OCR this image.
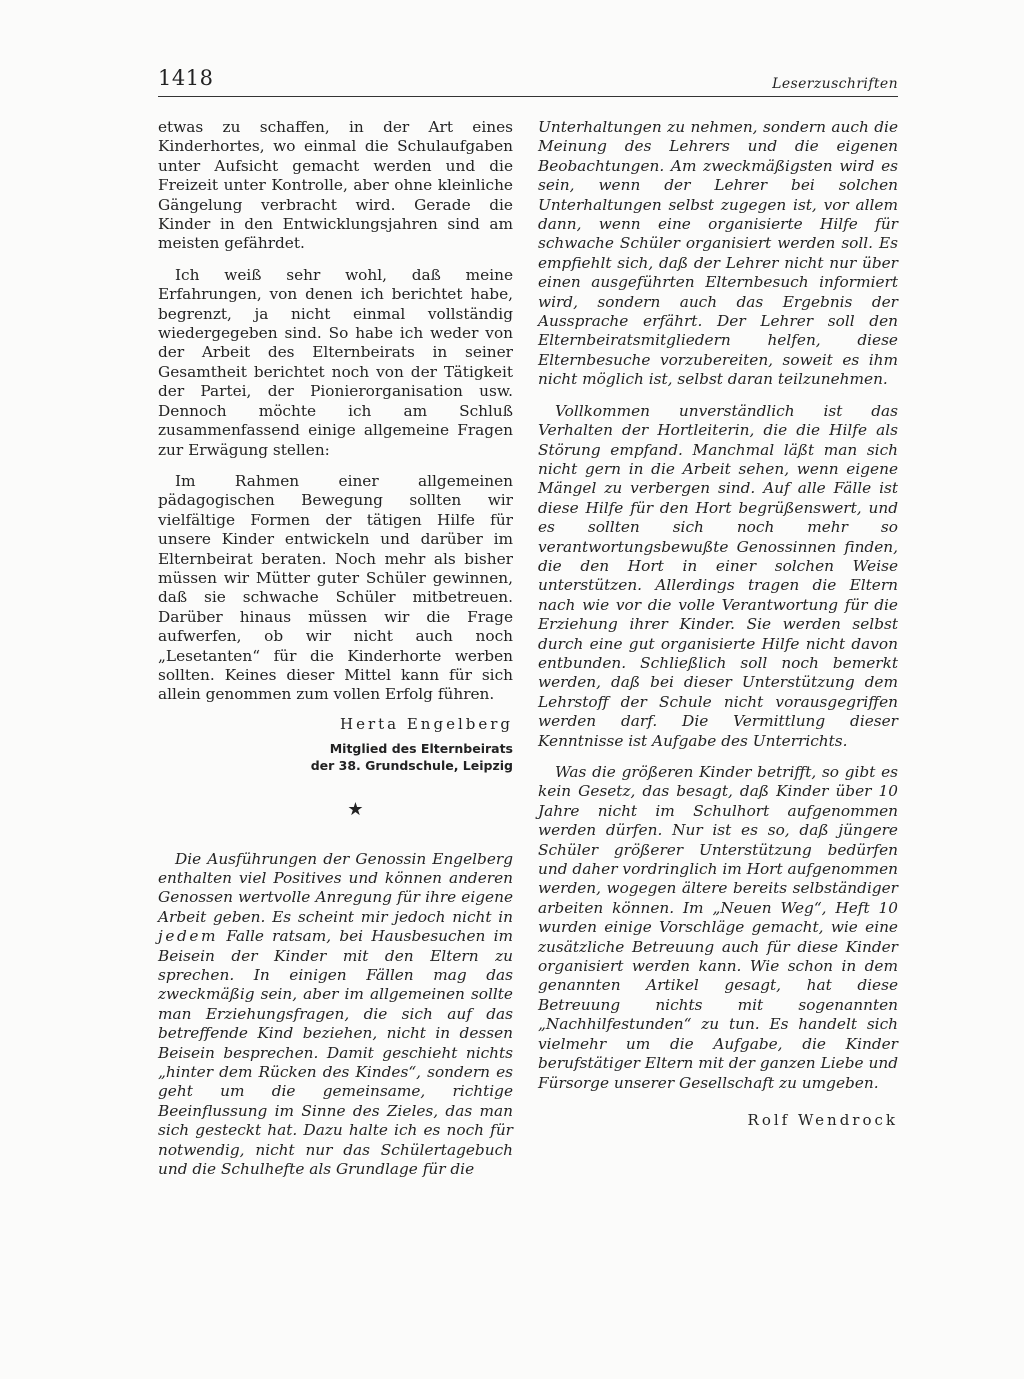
1418	Leserzuschriften

etwas zu schaffen, in der Art eines Kinderhortes, wo einmal die Schulaufgaben unter Aufsicht gemacht werden und die Freizeit unter Kontrolle, aber ohne kleinliche Gängelung verbracht wird. Gerade die Kinder in den Entwicklungsjahren sind am meisten gefährdet.

Ich weiß sehr wohl, daß meine Erfahrungen, von denen ich berichtet habe, begrenzt, ja nicht einmal vollständig wiedergegeben sind. So habe ich weder von der Arbeit des Elternbeirats in seiner Gesamtheit berichtet noch von der Tätigkeit der Partei, der Pionierorganisation usw. Dennoch möchte ich am Schluß zusammenfassend einige allgemeine Fragen zur Erwägung stellen:

Im Rahmen einer allgemeinen pädagogischen Bewegung sollten wir vielfältige Formen der tätigen Hilfe für unsere Kinder entwickeln und darüber im Elternbeirat beraten. Noch mehr als bisher müssen wir Mütter guter Schüler gewinnen, daß sie schwache Schüler mitbetreuen. Darüber hinaus müssen wir die Frage aufwerfen, ob wir nicht auch noch „Lesetanten“ für die Kinderhorte werben sollten. Keines dieser Mittel kann für sich allein genommen zum vollen Erfolg führen.

Herta Engelberg
Mitglied des Elternbeirats
der 38. Grundschule, Leipzig
★

Die Ausführungen der Genossin Engelberg enthalten viel Positives und können anderen Genossen wertvolle Anregung für ihre eigene Arbeit geben. Es scheint mir jedoch nicht in jedem Falle ratsam, bei Hausbesuchen im Beisein der Kinder mit den Eltern zu sprechen. In einigen Fällen mag das zweckmäßig sein, aber im allgemeinen sollte man Erziehungsfragen, die sich auf das betreffende Kind beziehen, nicht in dessen Beisein besprechen. Damit geschieht nichts „hinter dem Rücken des Kindes“, sondern es geht um die gemeinsame, richtige Beeinflussung im Sinne des Zieles, das man sich gesteckt hat. Dazu halte ich es noch für notwendig, nicht nur das Schülertagebuch und die Schulhefte als Grundlage für die

Unterhaltungen zu nehmen, sondern auch die Meinung des Lehrers und die eigenen Beobachtungen. Am zweckmäßigsten wird es sein, wenn der Lehrer bei solchen Unterhaltungen selbst zugegen ist, vor allem dann, wenn eine organisierte Hilfe für schwache Schüler organisiert werden soll. Es empfiehlt sich, daß der Lehrer nicht nur über einen ausgeführten Elternbesuch informiert wird, sondern auch das Ergebnis der Aussprache erfährt. Der Lehrer soll den Elternbeiratsmitgliedern helfen, diese Elternbesuche vorzubereiten, soweit es ihm nicht möglich ist, selbst daran teilzunehmen.

Vollkommen unverständlich ist das Verhalten der Hortleiterin, die die Hilfe als Störung empfand. Manchmal läßt man sich nicht gern in die Arbeit sehen, wenn eigene Mängel zu verbergen sind. Auf alle Fälle ist diese Hilfe für den Hort begrüßenswert, und es sollten sich noch mehr so verantwortungsbewußte Genossinnen finden, die den Hort in einer solchen Weise unterstützen. Allerdings tragen die Eltern nach wie vor die volle Verantwortung für die Erziehung ihrer Kinder. Sie werden selbst durch eine gut organisierte Hilfe nicht davon entbunden. Schließlich soll noch bemerkt werden, daß bei dieser Unterstützung dem Lehrstoff der Schule nicht vorausgegriffen werden darf. Die Vermittlung dieser Kenntnisse ist Aufgabe des Unterrichts.

Was die größeren Kinder betrifft, so gibt es kein Gesetz, das besagt, daß Kinder über 10 Jahre nicht im Schulhort aufgenommen werden dürfen. Nur ist es so, daß jüngere Schüler größerer Unterstützung bedürfen und daher vordringlich im Hort aufgenommen werden, wogegen ältere bereits selbständiger arbeiten können. Im „Neuen Weg“, Heft 10 wurden einige Vorschläge gemacht, wie eine zusätzliche Betreuung auch für diese Kinder organisiert werden kann. Wie schon in dem genannten Artikel gesagt, hat diese Betreuung nichts mit sogenannten „Nachhilfestunden“ zu tun. Es handelt sich vielmehr um die Aufgabe, die Kinder berufstätiger Eltern mit der ganzen Liebe und Fürsorge unserer Gesellschaft zu umgeben.

Rolf Wendrock
